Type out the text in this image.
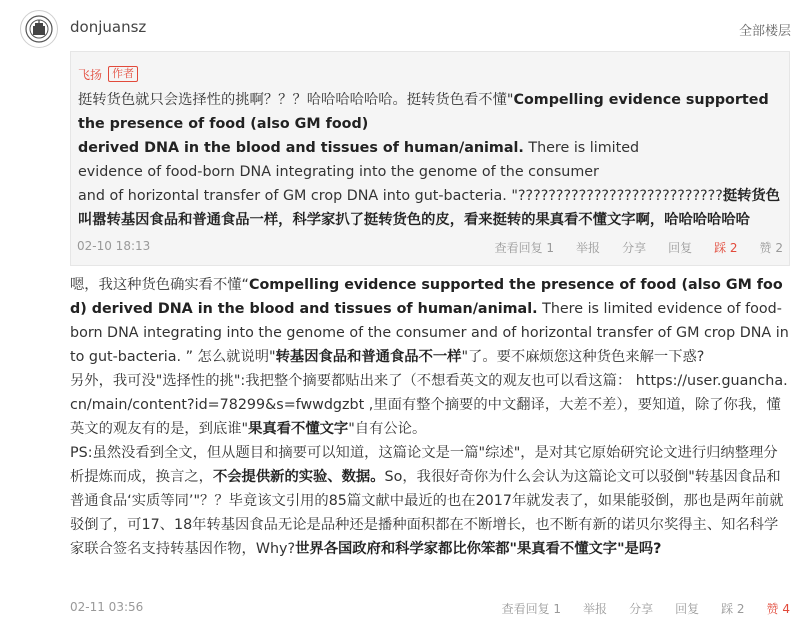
donjuansz	全部楼层
飞扬 作者
挺转货色就只会选择性的挑啊？？？哈哈哈哈哈哈。挺转货色看不懂"Compelling evidence supported the presence of food (also GM food)
derived DNA in the blood and tissues of human/animal. There is limited
evidence of food-born DNA integrating into the genome of the consumer
and of horizontal transfer of GM crop DNA into gut-bacteria. "???????????????????????????挺转货色叫嚣转基因食品和普通食品一样，科学家扒了挺转货色的皮，看来挺转的果真看不懂文字啊，哈哈哈哈哈哈
02-10 18:13	查看回复 1 举报 分享 回复 踩 2 赞 2
嗯，我这种货色确实看不懂“Compelling evidence supported the presence of food (also GM food) derived DNA in the blood and tissues of human/animal. There is limited evidence of food-born DNA integrating into the genome of the consumer and of horizontal transfer of GM crop DNA into gut-bacteria. ” 怎么就说明"转基因食品和普通食品不一样"了。要不麻烦您这种货色来解一下惑?
另外，我可没"选择性的挑":我把整个摘要都贴出来了（不想看英文的观友也可以看这篇： https://user.guancha.cn/main/content?id=78299&s=fwwdgzbt ,里面有整个摘要的中文翻译，大差不差），要知道，除了你我，懂英文的观友有的是，到底谁"果真看不懂文字"自有公论。
PS:虽然没看到全文，但从题目和摘要可以知道，这篇论文是一篇"综述"，是对其它原始研究论文进行归纳整理分析提炼而成，换言之，不会提供新的实验、数据。So，我很好奇你为什么会认为这篇论文可以驳倒"转基因食品和普通食品‘实质等同’"？？毕竟该文引用的85篇文献中最近的也在2017年就发表了，如果能驳倒，那也是两年前就驳倒了，可17、18年转基因食品无论是品种还是播种面积都在不断增长，也不断有新的诺贝尔奖得主、知名科学家联合签名支持转基因作物，Why?世界各国政府和科学家都比你笨都"果真看不懂文字"是吗?
02-11 03:56	查看回复 1 举报 分享 回复 踩 2 赞 4
